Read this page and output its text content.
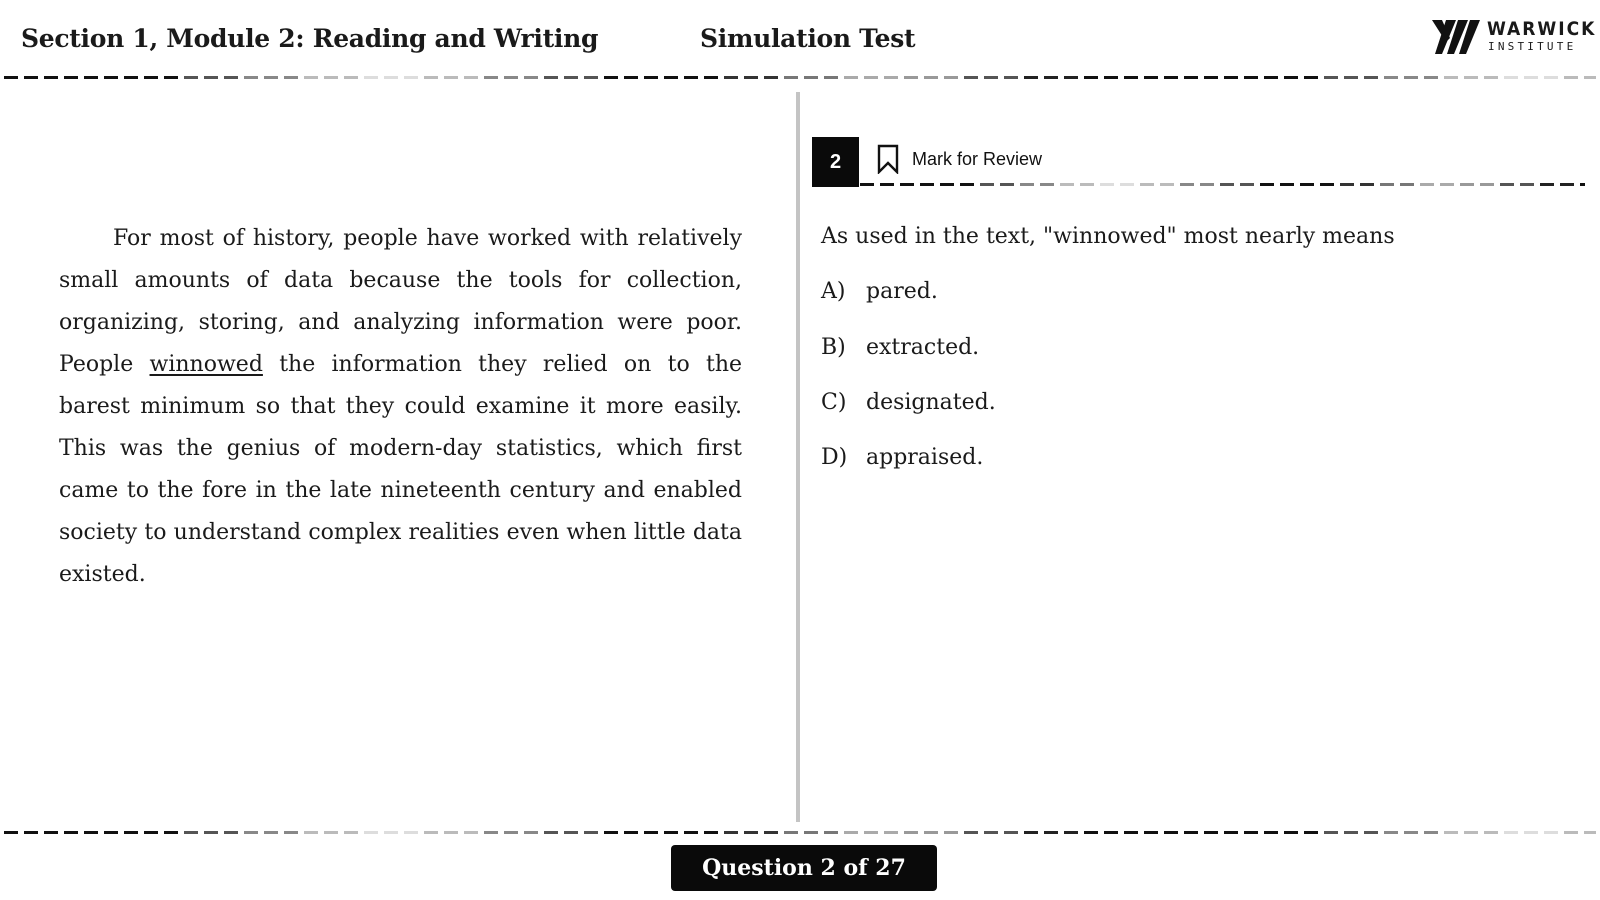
Section 1, Module 2: Reading and Writing	Simulation Test	WARWICK
INSTITUTE
For most of history, people have worked with relatively small amounts of data because the tools for collection, organizing, storing, and analyzing information were poor. People winnowed the information they relied on to the barest minimum so that they could examine it more easily. This was the genius of modern-day statistics, which first came to the fore in the late nineteenth century and enabled society to understand complex realities even when little data existed.
2	Mark for Review
As used in the text, "winnowed" most nearly means
A) pared.
B) extracted.
C) designated.
D) appraised.
Question 2 of 27
